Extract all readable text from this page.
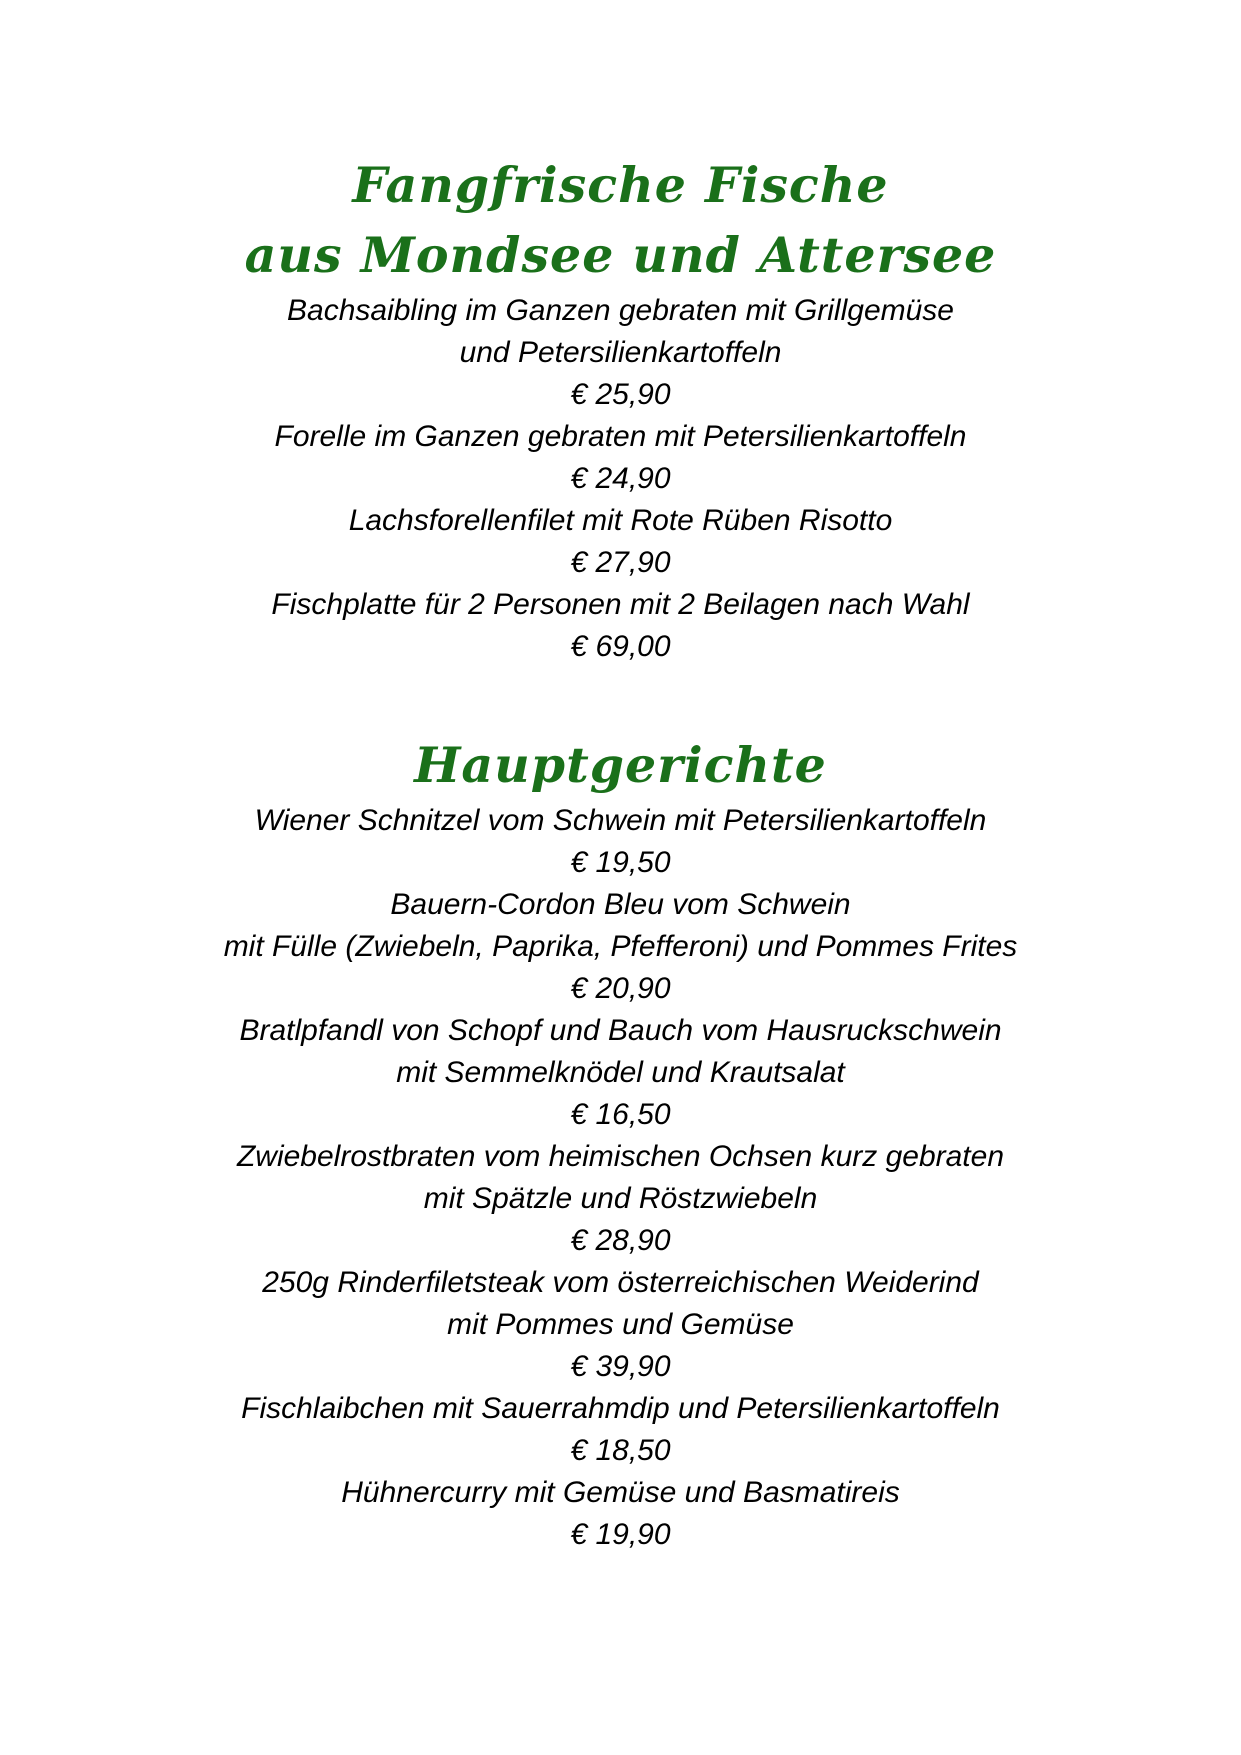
Fangfrische Fische
aus Mondsee und Attersee
Bachsaibling im Ganzen gebraten mit Grillgemüse
und Petersilienkartoffeln
€ 25,90
Forelle im Ganzen gebraten mit Petersilienkartoffeln
€ 24,90
Lachsforellenfilet mit Rote Rüben Risotto
€ 27,90
Fischplatte für 2 Personen mit 2 Beilagen nach Wahl
€ 69,00
Hauptgerichte
Wiener Schnitzel vom Schwein mit Petersilienkartoffeln
€ 19,50
Bauern-Cordon Bleu vom Schwein
mit Fülle (Zwiebeln, Paprika, Pfefferoni) und Pommes Frites
€ 20,90
Bratlpfandl von Schopf und Bauch vom Hausruckschwein
mit Semmelknödel und Krautsalat
€ 16,50
Zwiebelrostbraten vom heimischen Ochsen kurz gebraten
mit Spätzle und Röstzwiebeln
€ 28,90
250g Rinderfiletsteak vom österreichischen Weiderind
mit Pommes und Gemüse
€ 39,90
Fischlaibchen mit Sauerrahmdip und Petersilienkartoffeln
€ 18,50
Hühnercurry mit Gemüse und Basmatireis
€ 19,90
